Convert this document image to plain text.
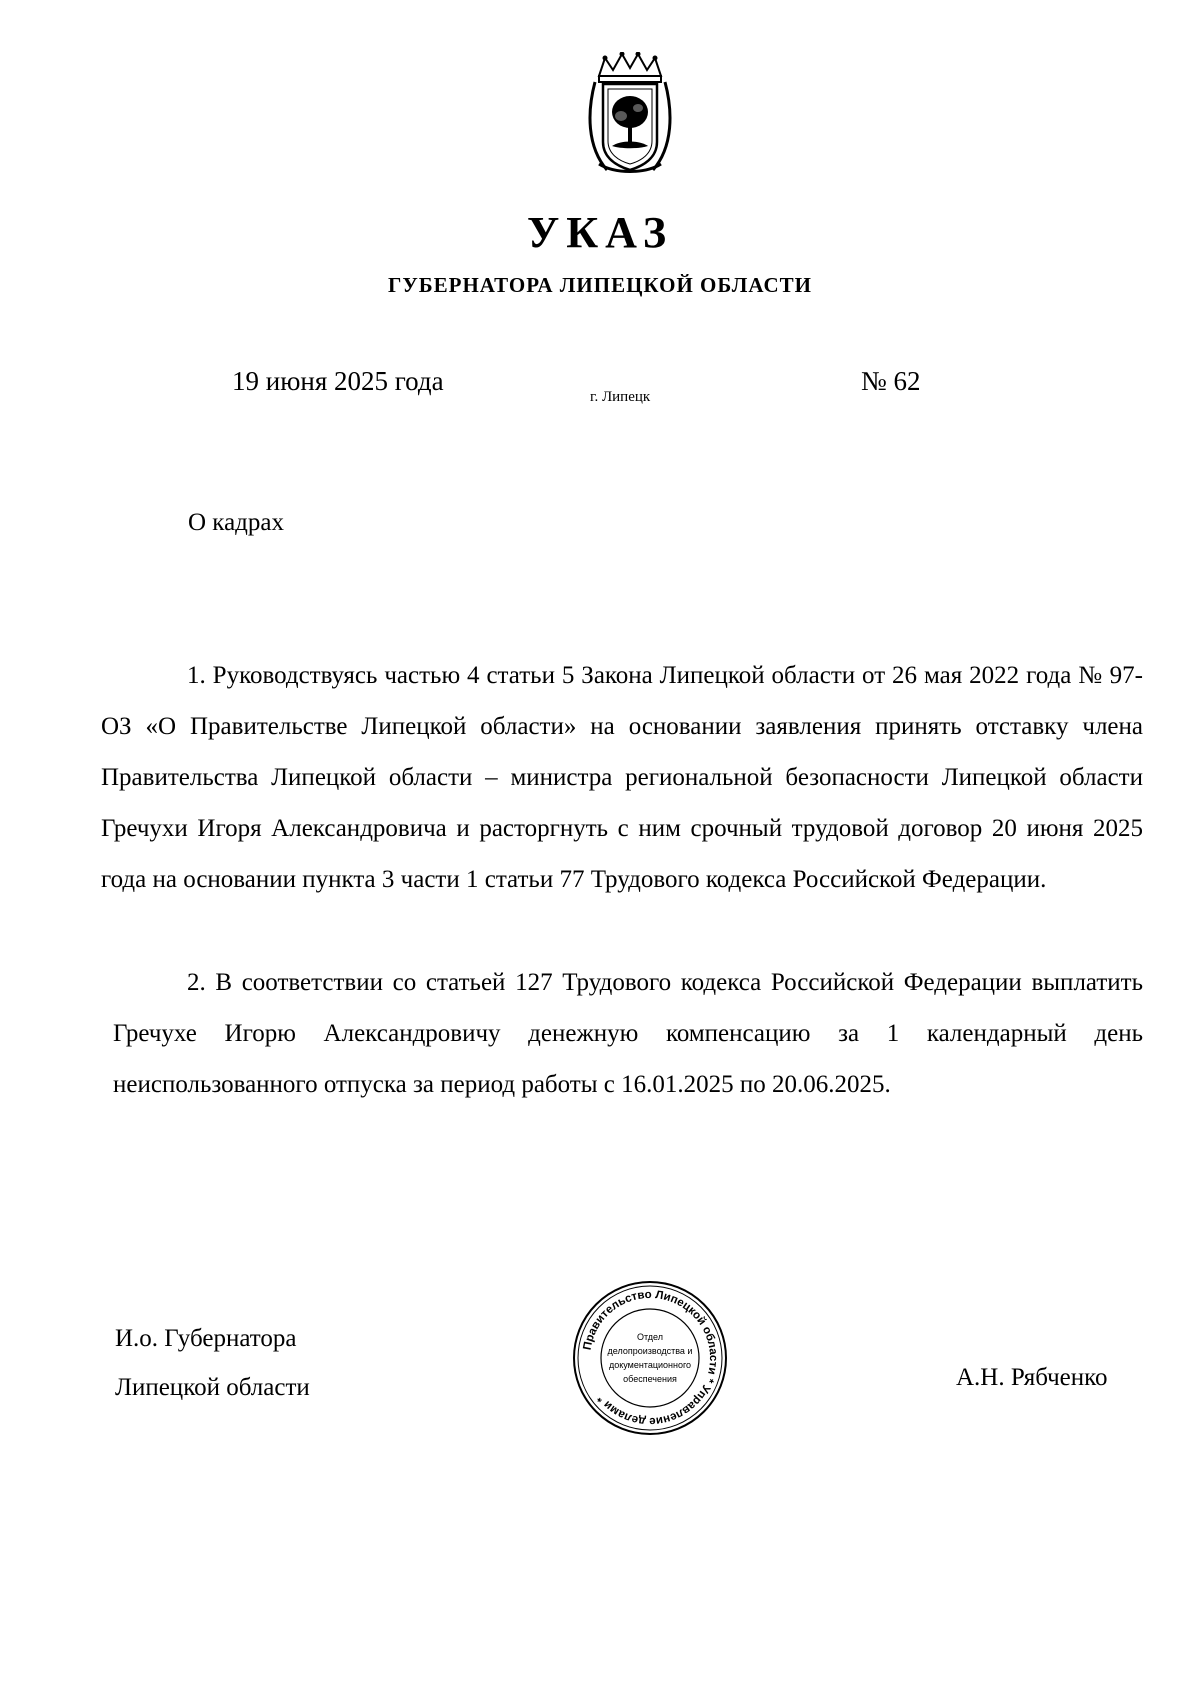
УКАЗ
ГУБЕРНАТОРА ЛИПЕЦКОЙ ОБЛАСТИ
19 июня 2025 года
г. Липецк
№ 62
О кадрах

1. Руководствуясь частью 4 статьи 5 Закона Липецкой области от 26 мая 2022 года № 97-ОЗ «О Правительстве Липецкой области» на основании заявления принять отставку члена Правительства Липецкой области – министра региональной безопасности Липецкой области Гречухи Игоря Александровича и расторгнуть с ним срочный трудовой договор 20 июня 2025 года на основании пункта 3 части 1 статьи 77 Трудового кодекса Российской Федерации.

2. В соответствии со статьей 127 Трудового кодекса Российской Федерации выплатить Гречухе Игорю Александровичу денежную компенсацию за 1 календарный день неиспользованного отпуска за период работы с 16.01.2025 по 20.06.2025.

И.о. Губернатора
Липецкой области	А.Н. Рябченко
Правительство Липецкой области * Управление делами *
Отдел
делопроизводства и
документационного
обеспечения
